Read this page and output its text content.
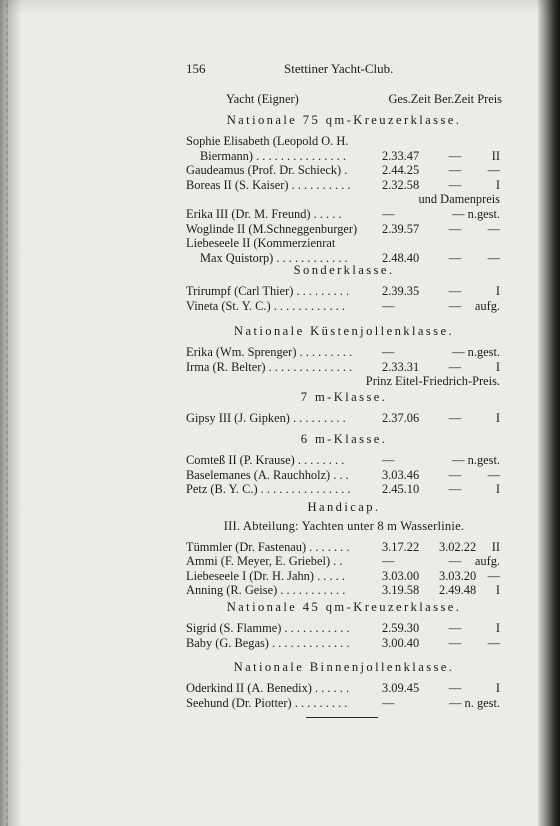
156	Stettiner Yacht-Club.
Yacht (Eigner)	Ges.Zeit Ber.Zeit Preis
Nationale 75 qm-Kreuzerklasse.
Sophie Elisabeth (Leopold O. H.
Biermann) . . . . . . . . . . . . . . .	2.33.47	—	II
Gaudeamus (Prof. Dr. Schieck) .	2.44.25	—	—
Boreas II (S. Kaiser) . . . . . . . . . .	2.32.58	—	I
und Damenpreis
Erika III (Dr. M. Freund) . . . . .	—	— n.gest.
Woglinde II (M.Schneggenburger) 2.39.57	—	—
Liebeseele II (Kommerzienrat
Max Quistorp) . . . . . . . . . . . .	2.48.40	—	—
Sonderklasse.
Trirumpf (Carl Thier) . . . . . . . . .	2.39.35	—	I
Vineta (St. Y. C.) . . . . . . . . . . . .	—	—	aufg.
Nationale Küstenjollenklasse.
Erika (Wm. Sprenger) . . . . . . . . . —	— n.gest.
Irma (R. Belter) . . . . . . . . . . . . . . 2.33.31	—	I
Prinz Eitel-Friedrich-Preis.
7 m-Klasse.
Gipsy III (J. Gipken) . . . . . . . . .	2.37.06	—	I
6 m-Klasse.
Comteß II (P. Krause) . . . . . . . .	—	— n.gest.
Baselemanes (A. Rauchholz) . . .	3.03.46	—	—
Petz (B. Y. C.) . . . . . . . . . . . . . . .	2.45.10	—	I
Handicap.
III. Abteilung: Yachten unter 8 m Wasserlinie.
Tümmler (Dr. Fastenau) . . . . . . .	3.17.22 3.02.22 II
Ammi (F. Meyer, E. Griebel) . .	—	—	aufg.
Liebeseele I (Dr. H. Jahn) . . . . .	3.03.00 3.03.20 —
Anning (R. Geise) . . . . . . . . . . .	3.19.58 2.49.48 I
Nationale 45 qm-Kreuzerklasse.
Sigrid (S. Flamme) . . . . . . . . . . .	2.59.30	—	I
Baby (G. Begas) . . . . . . . . . . . . .	3.00.40	—	—
Nationale Binnenjollenklasse.
Oderkind II (A. Benedix) . . . . . .	3.09.45	—	I
Seehund (Dr. Piotter) . . . . . . . . .	—	— n. gest.
